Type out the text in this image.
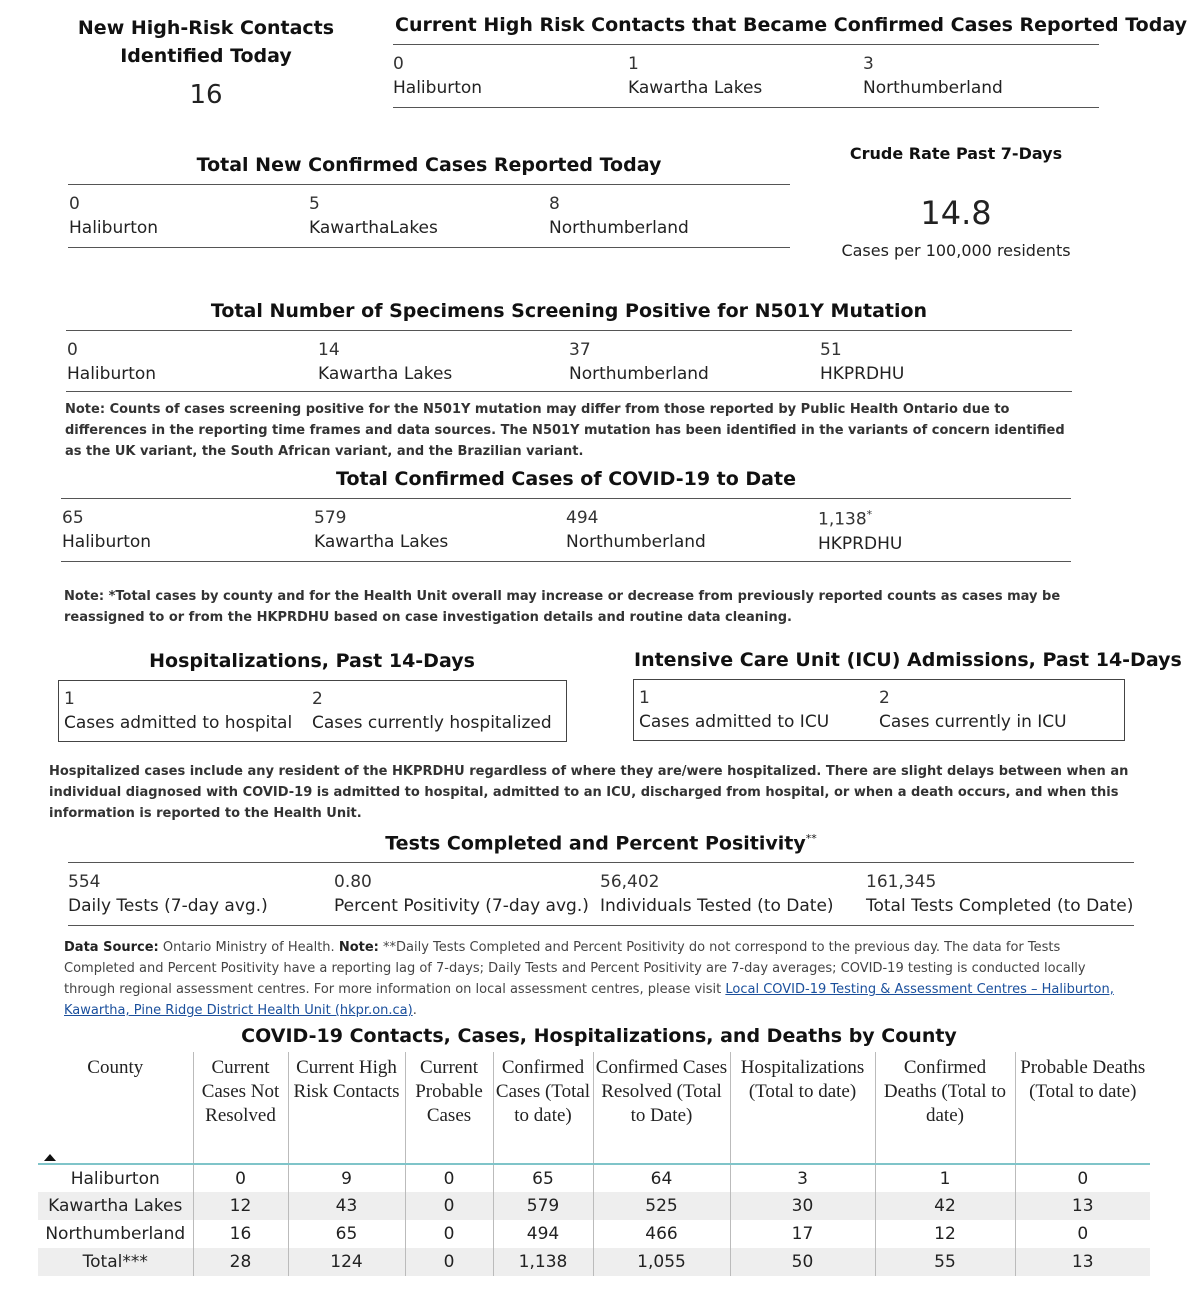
New High-Risk Contacts
Identified Today
16
Current High Risk Contacts that Became Confirmed Cases Reported Today
0
Haliburton
1
Kawartha Lakes
3
Northumberland
Total New Confirmed Cases Reported Today
0
Haliburton
5
KawarthaLakes
8
Northumberland
Crude Rate Past 7-Days
14.8
Cases per 100,000 residents
Total Number of Specimens Screening Positive for N501Y Mutation
0
Haliburton
14
Kawartha Lakes
37
Northumberland
51
HKPRDHU
Note: Counts of cases screening positive for the N501Y mutation may differ from those reported by Public Health Ontario due to differences in the reporting time frames and data sources. The N501Y mutation has been identified in the variants of concern identified as the UK variant, the South African variant, and the Brazilian variant.
Total Confirmed Cases of COVID-19 to Date
65
Haliburton
579
Kawartha Lakes
494
Northumberland
1,138*
HKPRDHU
Note: *Total cases by county and for the Health Unit overall may increase or decrease from previously reported counts as cases may be reassigned to or from the HKPRDHU based on case investigation details and routine data cleaning.
Hospitalizations, Past 14-Days
1
Cases admitted to hospital
2
Cases currently hospitalized
Intensive Care Unit (ICU) Admissions, Past 14-Days
1
Cases admitted to ICU
2
Cases currently in ICU
Hospitalized cases include any resident of the HKPRDHU regardless of where they are/were hospitalized. There are slight delays between when an individual diagnosed with COVID-19 is admitted to hospital, admitted to an ICU, discharged from hospital, or when a death occurs, and when this information is reported to the Health Unit.
Tests Completed and Percent Positivity**
554
Daily Tests (7-day avg.)
0.80
Percent Positivity (7-day avg.)
56,402
Individuals Tested (to Date)
161,345
Total Tests Completed (to Date)
Data Source: Ontario Ministry of Health. Note: **Daily Tests Completed and Percent Positivity do not correspond to the previous day. The data for Tests Completed and Percent Positivity have a reporting lag of 7-days; Daily Tests and Percent Positivity are 7-day averages; COVID-19 testing is conducted locally through regional assessment centres. For more information on local assessment centres, please visit Local COVID-19 Testing & Assessment Centres – Haliburton, Kawartha, Pine Ridge District Health Unit (hkpr.on.ca).
COVID-19 Contacts, Cases, Hospitalizations, and Deaths by County
County	Current Cases Not Resolved	Current High Risk Contacts	Current Probable Cases	Confirmed Cases (Total to date)	Confirmed Cases Resolved (Total to Date)	Hospitalizations (Total to date)	Confirmed Deaths (Total to date)	Probable Deaths (Total to date)
Haliburton	0	9	0	65	64	3	1	0
Kawartha Lakes	12	43	0	579	525	30	42	13
Northumberland	16	65	0	494	466	17	12	0
Total***	28	124	0	1,138	1,055	50	55	13
